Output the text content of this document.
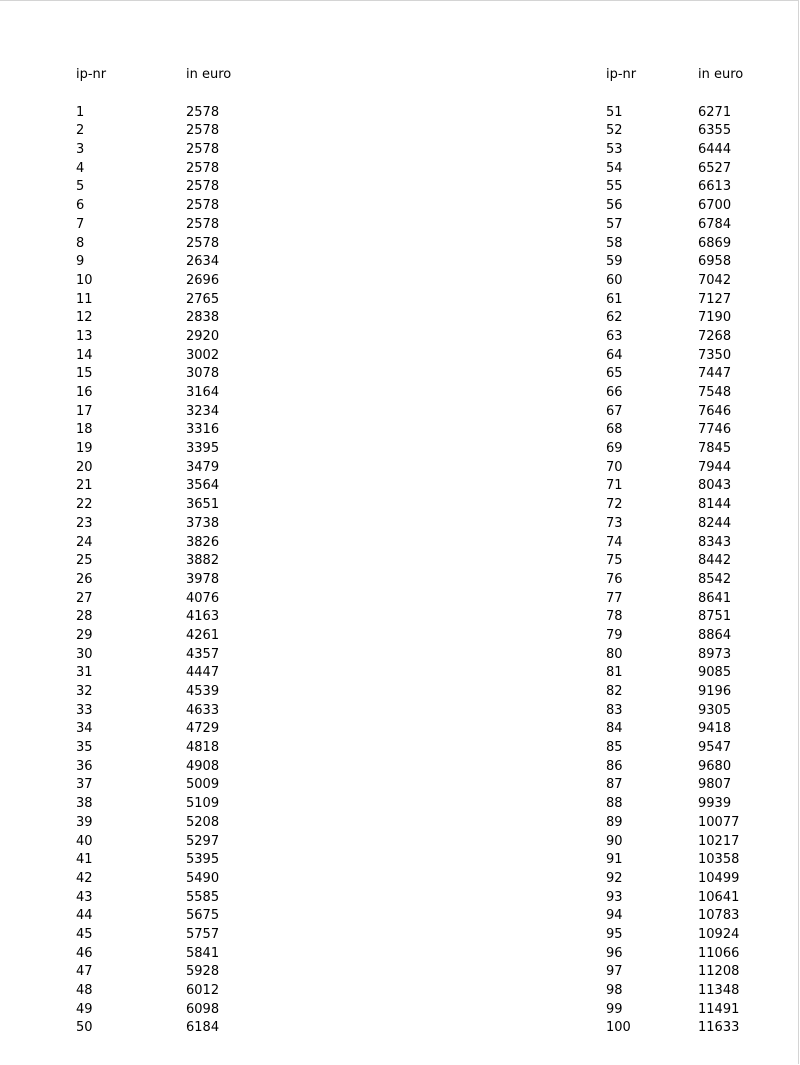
ip-nr	in euro
1	2578
2	2578
3	2578
4	2578
5	2578
6	2578
7	2578
8	2578
9	2634
10	2696
11	2765
12	2838
13	2920
14	3002
15	3078
16	3164
17	3234
18	3316
19	3395
20	3479
21	3564
22	3651
23	3738
24	3826
25	3882
26	3978
27	4076
28	4163
29	4261
30	4357
31	4447
32	4539
33	4633
34	4729
35	4818
36	4908
37	5009
38	5109
39	5208
40	5297
41	5395
42	5490
43	5585
44	5675
45	5757
46	5841
47	5928
48	6012
49	6098
50	6184
ip-nr	in euro
51	6271
52	6355
53	6444
54	6527
55	6613
56	6700
57	6784
58	6869
59	6958
60	7042
61	7127
62	7190
63	7268
64	7350
65	7447
66	7548
67	7646
68	7746
69	7845
70	7944
71	8043
72	8144
73	8244
74	8343
75	8442
76	8542
77	8641
78	8751
79	8864
80	8973
81	9085
82	9196
83	9305
84	9418
85	9547
86	9680
87	9807
88	9939
89	10077
90	10217
91	10358
92	10499
93	10641
94	10783
95	10924
96	11066
97	11208
98	11348
99	11491
100	11633
